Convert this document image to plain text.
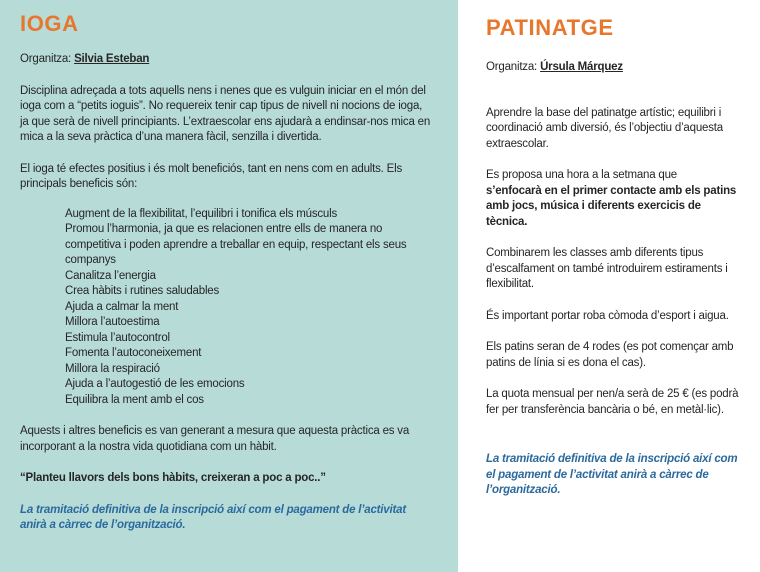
IOGA
Organitza: Silvia Esteban
Disciplina adreçada a tots aquells nens i nenes que es vulguin iniciar en el món del ioga com a “petits ioguis”. No requereix tenir cap tipus de nivell ni nocions de ioga, ja que serà de nivell principiants. L’extraescolar ens ajudarà a endinsar-nos mica en mica a la seva pràctica d’una manera fàcil, senzilla i divertida.
El ioga té efectes positius i és molt beneficiós, tant en nens com en adults. Els principals beneficis són:
Augment de la flexibilitat, l’equilibri i tonifica els músculs
Promou l’harmonia, ja que es relacionen entre ells de manera no competitiva i poden aprendre a treballar en equip, respectant els seus companys
Canalitza l’energia
Crea hàbits i rutines saludables
Ajuda a calmar la ment
Millora l’autoestima
Estimula l’autocontrol
Fomenta l’autoconeixement
Millora la respiració
Ajuda a l’autogestió de les emocions
Equilibra la ment amb el cos
Aquests i altres beneficis es van generant a mesura que aquesta pràctica es va incorporant a la nostra vida quotidiana com un hàbit.
“Planteu llavors dels bons hàbits, creixeran a poc a poc..”
La tramitació definitiva de la inscripció així com el pagament de l’activitat anirà a càrrec de l’organització.
PATINATGE
Organitza: Úrsula Márquez
Aprendre la base del patinatge artístic; equilibri i coordinació amb diversió, és l’objectiu d’aquesta extraescolar.
Es proposa una hora a la setmana que
s’enfocarà en el primer contacte amb els patins amb jocs, música i diferents exercicis de tècnica.
Combinarem les classes amb diferents tipus d’escalfament on també introduirem estiraments i flexibilitat.
És important portar roba còmoda d’esport i aigua.
Els patins seran de 4 rodes (es pot començar amb patins de línia si es dona el cas).
La quota mensual per nen/a serà de 25 € (es podrà fer per transferència bancària o bé, en metàl·lic).
La tramitació definitiva de la inscripció així com el pagament de l’activitat anirà a càrrec de l’organització.
